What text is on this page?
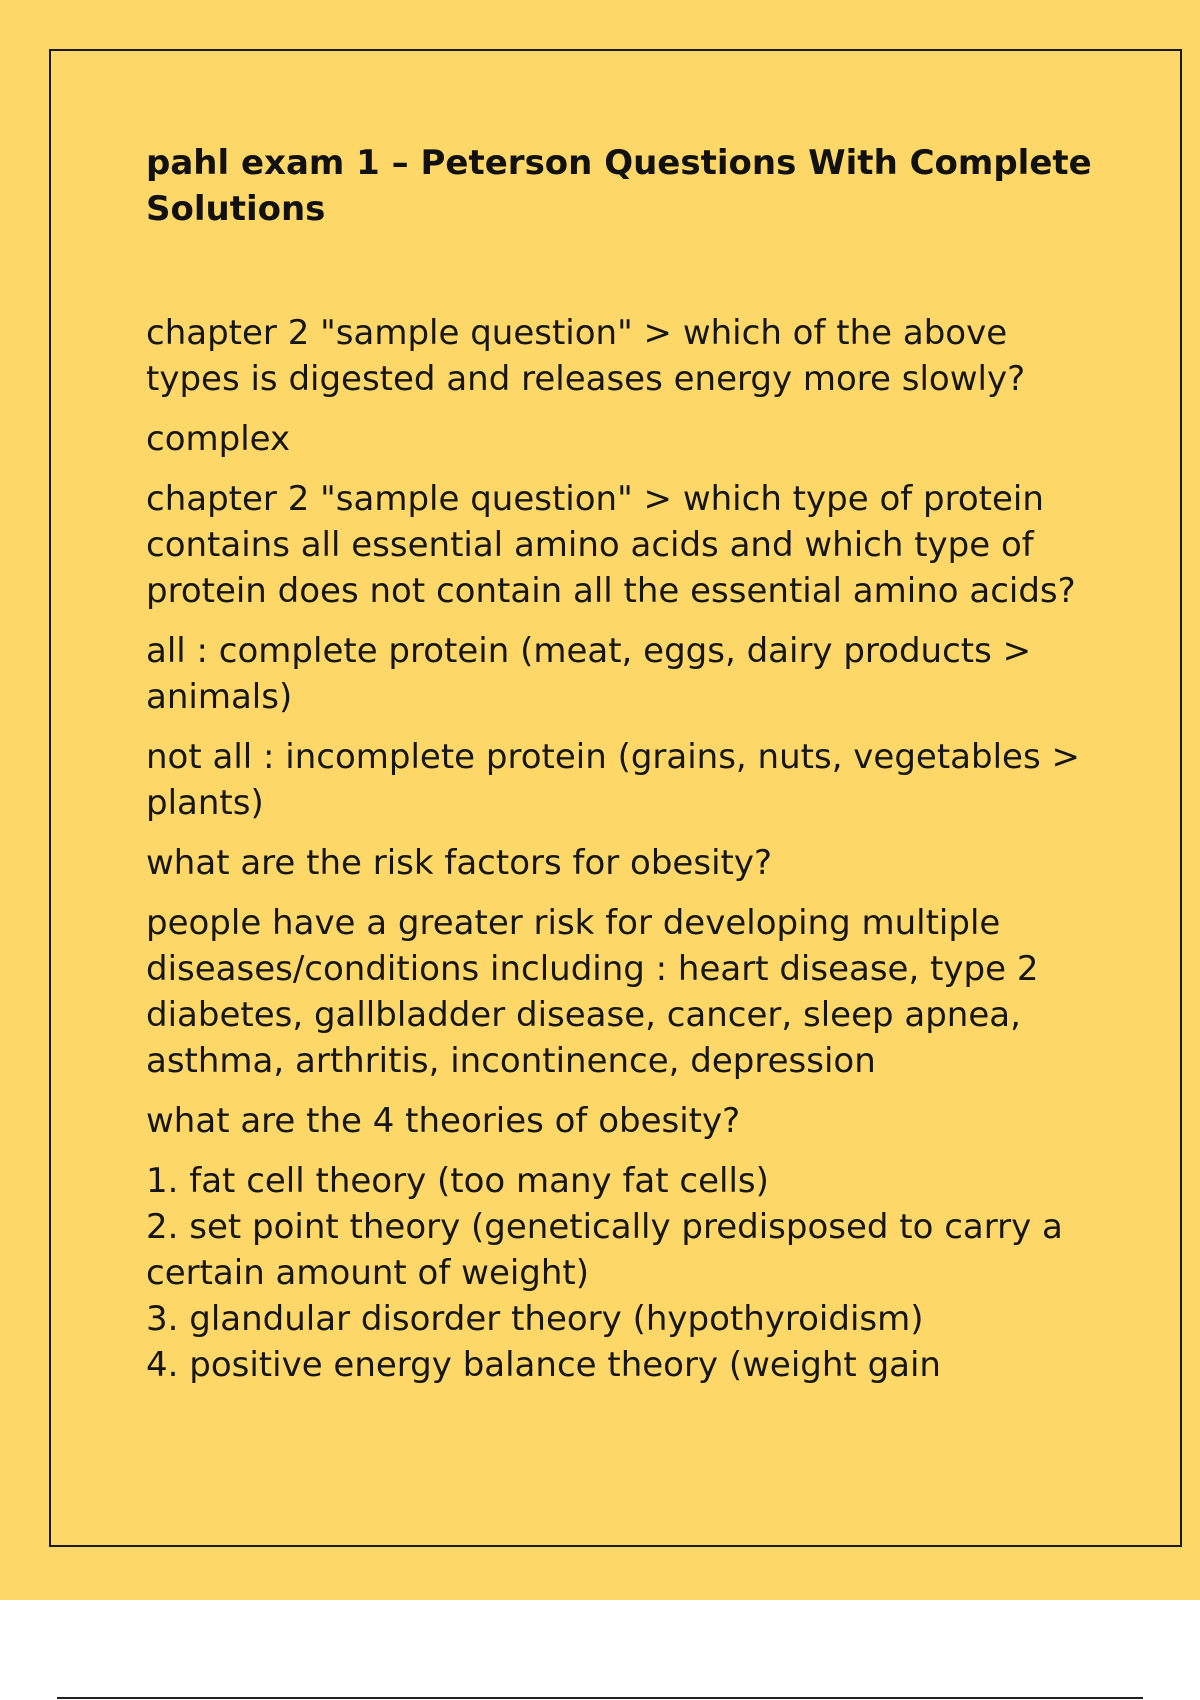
pahl exam 1 – Peterson Questions With Complete Solutions

chapter 2 "sample question" > which of the above types is digested and releases energy more slowly?

complex

chapter 2 "sample question" > which type of protein contains all essential amino acids and which type of protein does not contain all the essential amino acids?

all : complete protein (meat, eggs, dairy products > animals)

not all : incomplete protein (grains, nuts, vegetables > plants)

what are the risk factors for obesity?

people have a greater risk for developing multiple diseases/conditions including : heart disease, type 2 diabetes, gallbladder disease, cancer, sleep apnea, asthma, arthritis, incontinence, depression

what are the 4 theories of obesity?

1. fat cell theory (too many fat cells)
2. set point theory (genetically predisposed to carry a certain amount of weight)
3. glandular disorder theory (hypothyroidism)
4. positive energy balance theory (weight gain
